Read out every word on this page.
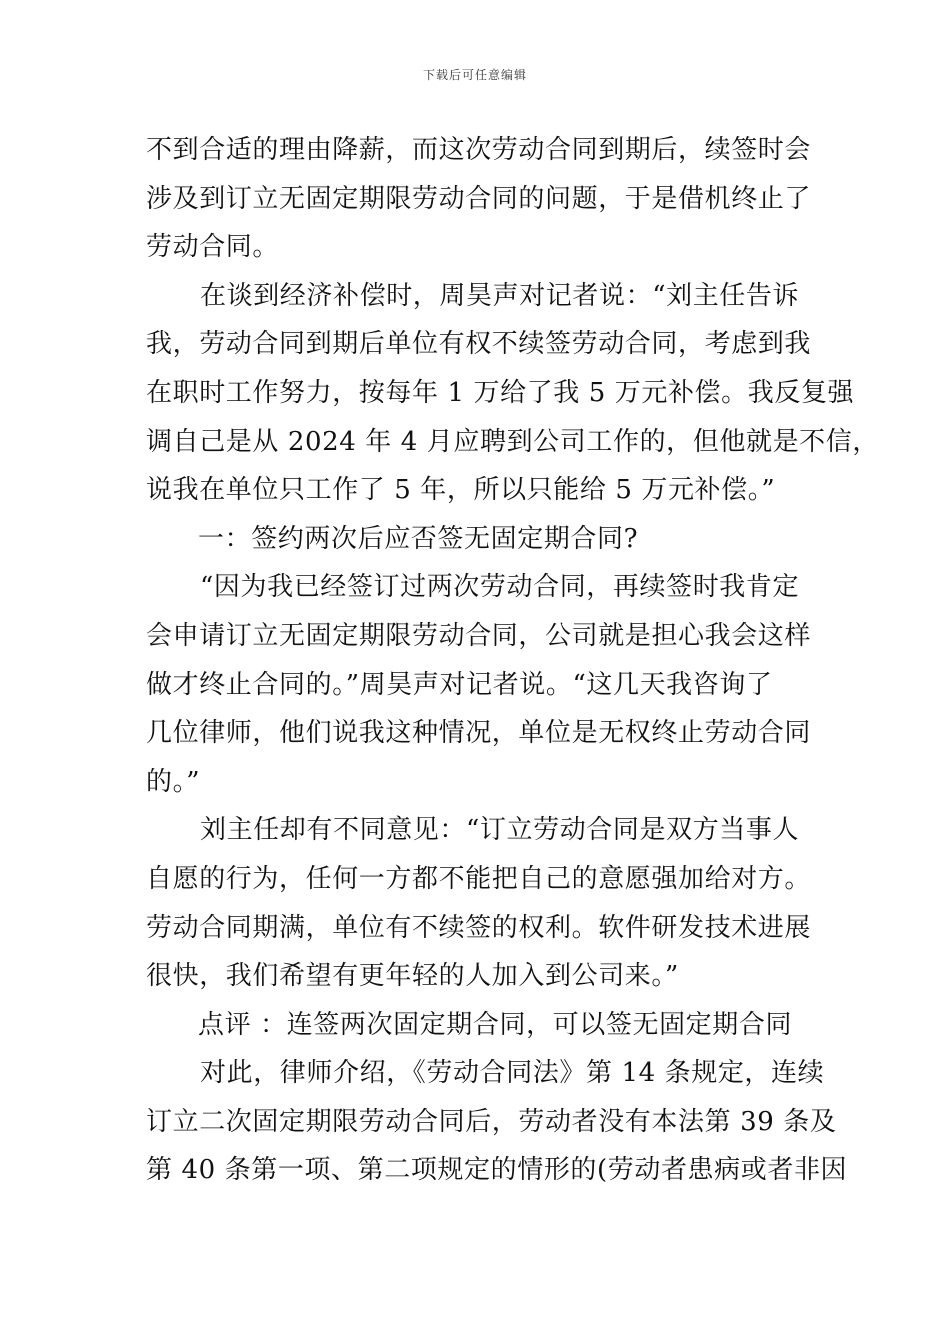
下载后可任意编辑

不到合适的理由降薪，而这次劳动合同到期后，续签时会

涉及到订立无固定期限劳动合同的问题，于是借机终止了

劳动合同。

在谈到经济补偿时，周昊声对记者说：“刘主任告诉

我，劳动合同到期后单位有权不续签劳动合同，考虑到我

在职时工作努力，按每年 1 万给了我 5 万元补偿。我反复强

调自己是从 2024 年 4 月应聘到公司工作的，但他就是不信，

说我在单位只工作了 5 年，所以只能给 5 万元补偿。”

一：签约两次后应否签无固定期合同?

“因为我已经签订过两次劳动合同，再续签时我肯定

会申请订立无固定期限劳动合同，公司就是担心我会这样

做才终止合同的。”周昊声对记者说。“这几天我咨询了

几位律师，他们说我这种情况，单位是无权终止劳动合同

的。”

刘主任却有不同意见：“订立劳动合同是双方当事人

自愿的行为，任何一方都不能把自己的意愿强加给对方。

劳动合同期满，单位有不续签的权利。软件研发技术进展

很快，我们希望有更年轻的人加入到公司来。”

点评 ：连签两次固定期合同，可以签无固定期合同

对此，律师介绍，《劳动合同法》第 14 条规定，连续

订立二次固定期限劳动合同后，劳动者没有本法第 39 条及

第 40 条第一项、第二项规定的情形的(劳动者患病或者非因
